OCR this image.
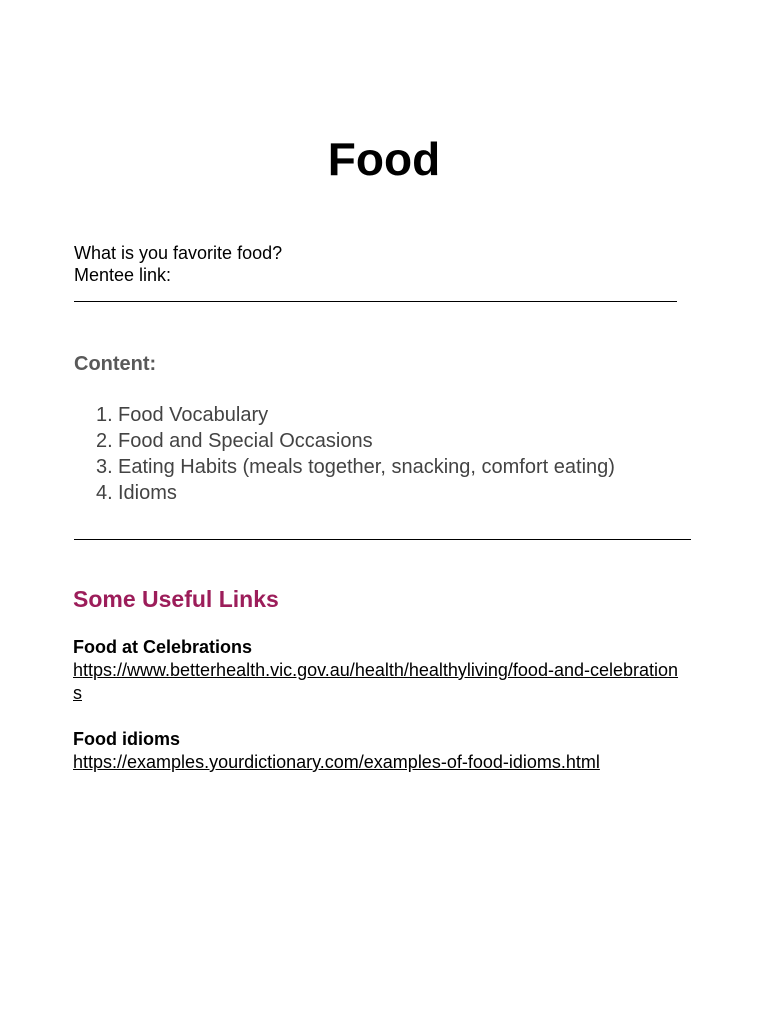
Food
What is you favorite food?
Mentee link:
Content:
1. Food Vocabulary
2. Food and Special Occasions
3. Eating Habits (meals together, snacking, comfort eating)
4. Idioms
Some Useful Links
Food at Celebrations
https://www.betterhealth.vic.gov.au/health/healthyliving/food-and-celebrations
Food idioms
https://examples.yourdictionary.com/examples-of-food-idioms.html
